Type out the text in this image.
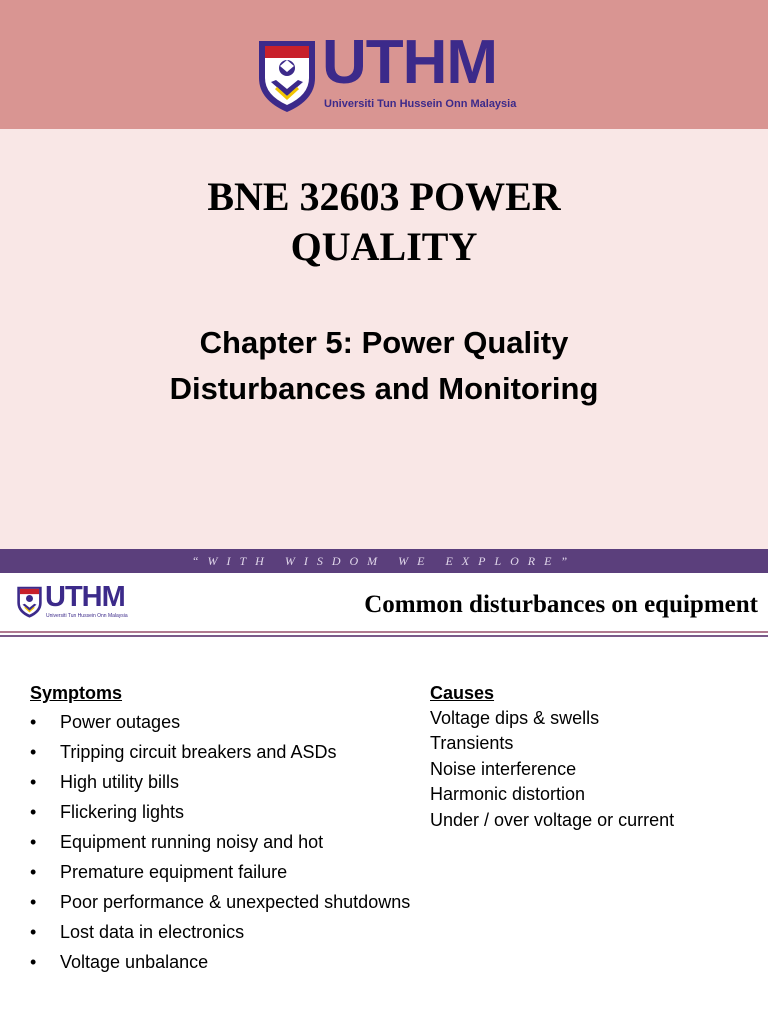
UTHM
Universiti Tun Hussein Onn Malaysia
BNE 32603 POWER
QUALITY
Chapter 5: Power Quality
Disturbances and Monitoring
“WITH WISDOM WE EXPLORE”
UTHM
Universiti Tun Hussein Onn Malaysia	Common disturbances on equipment
Symptoms
• Power outages
• Tripping circuit breakers and ASDs
• High utility bills
• Flickering lights
• Equipment running noisy and hot
• Premature equipment failure
• Poor performance & unexpected shutdowns
• Lost data in electronics
• Voltage unbalance
Causes
Voltage dips & swells
Transients
Noise interference
Harmonic distortion
Under / over voltage or current
